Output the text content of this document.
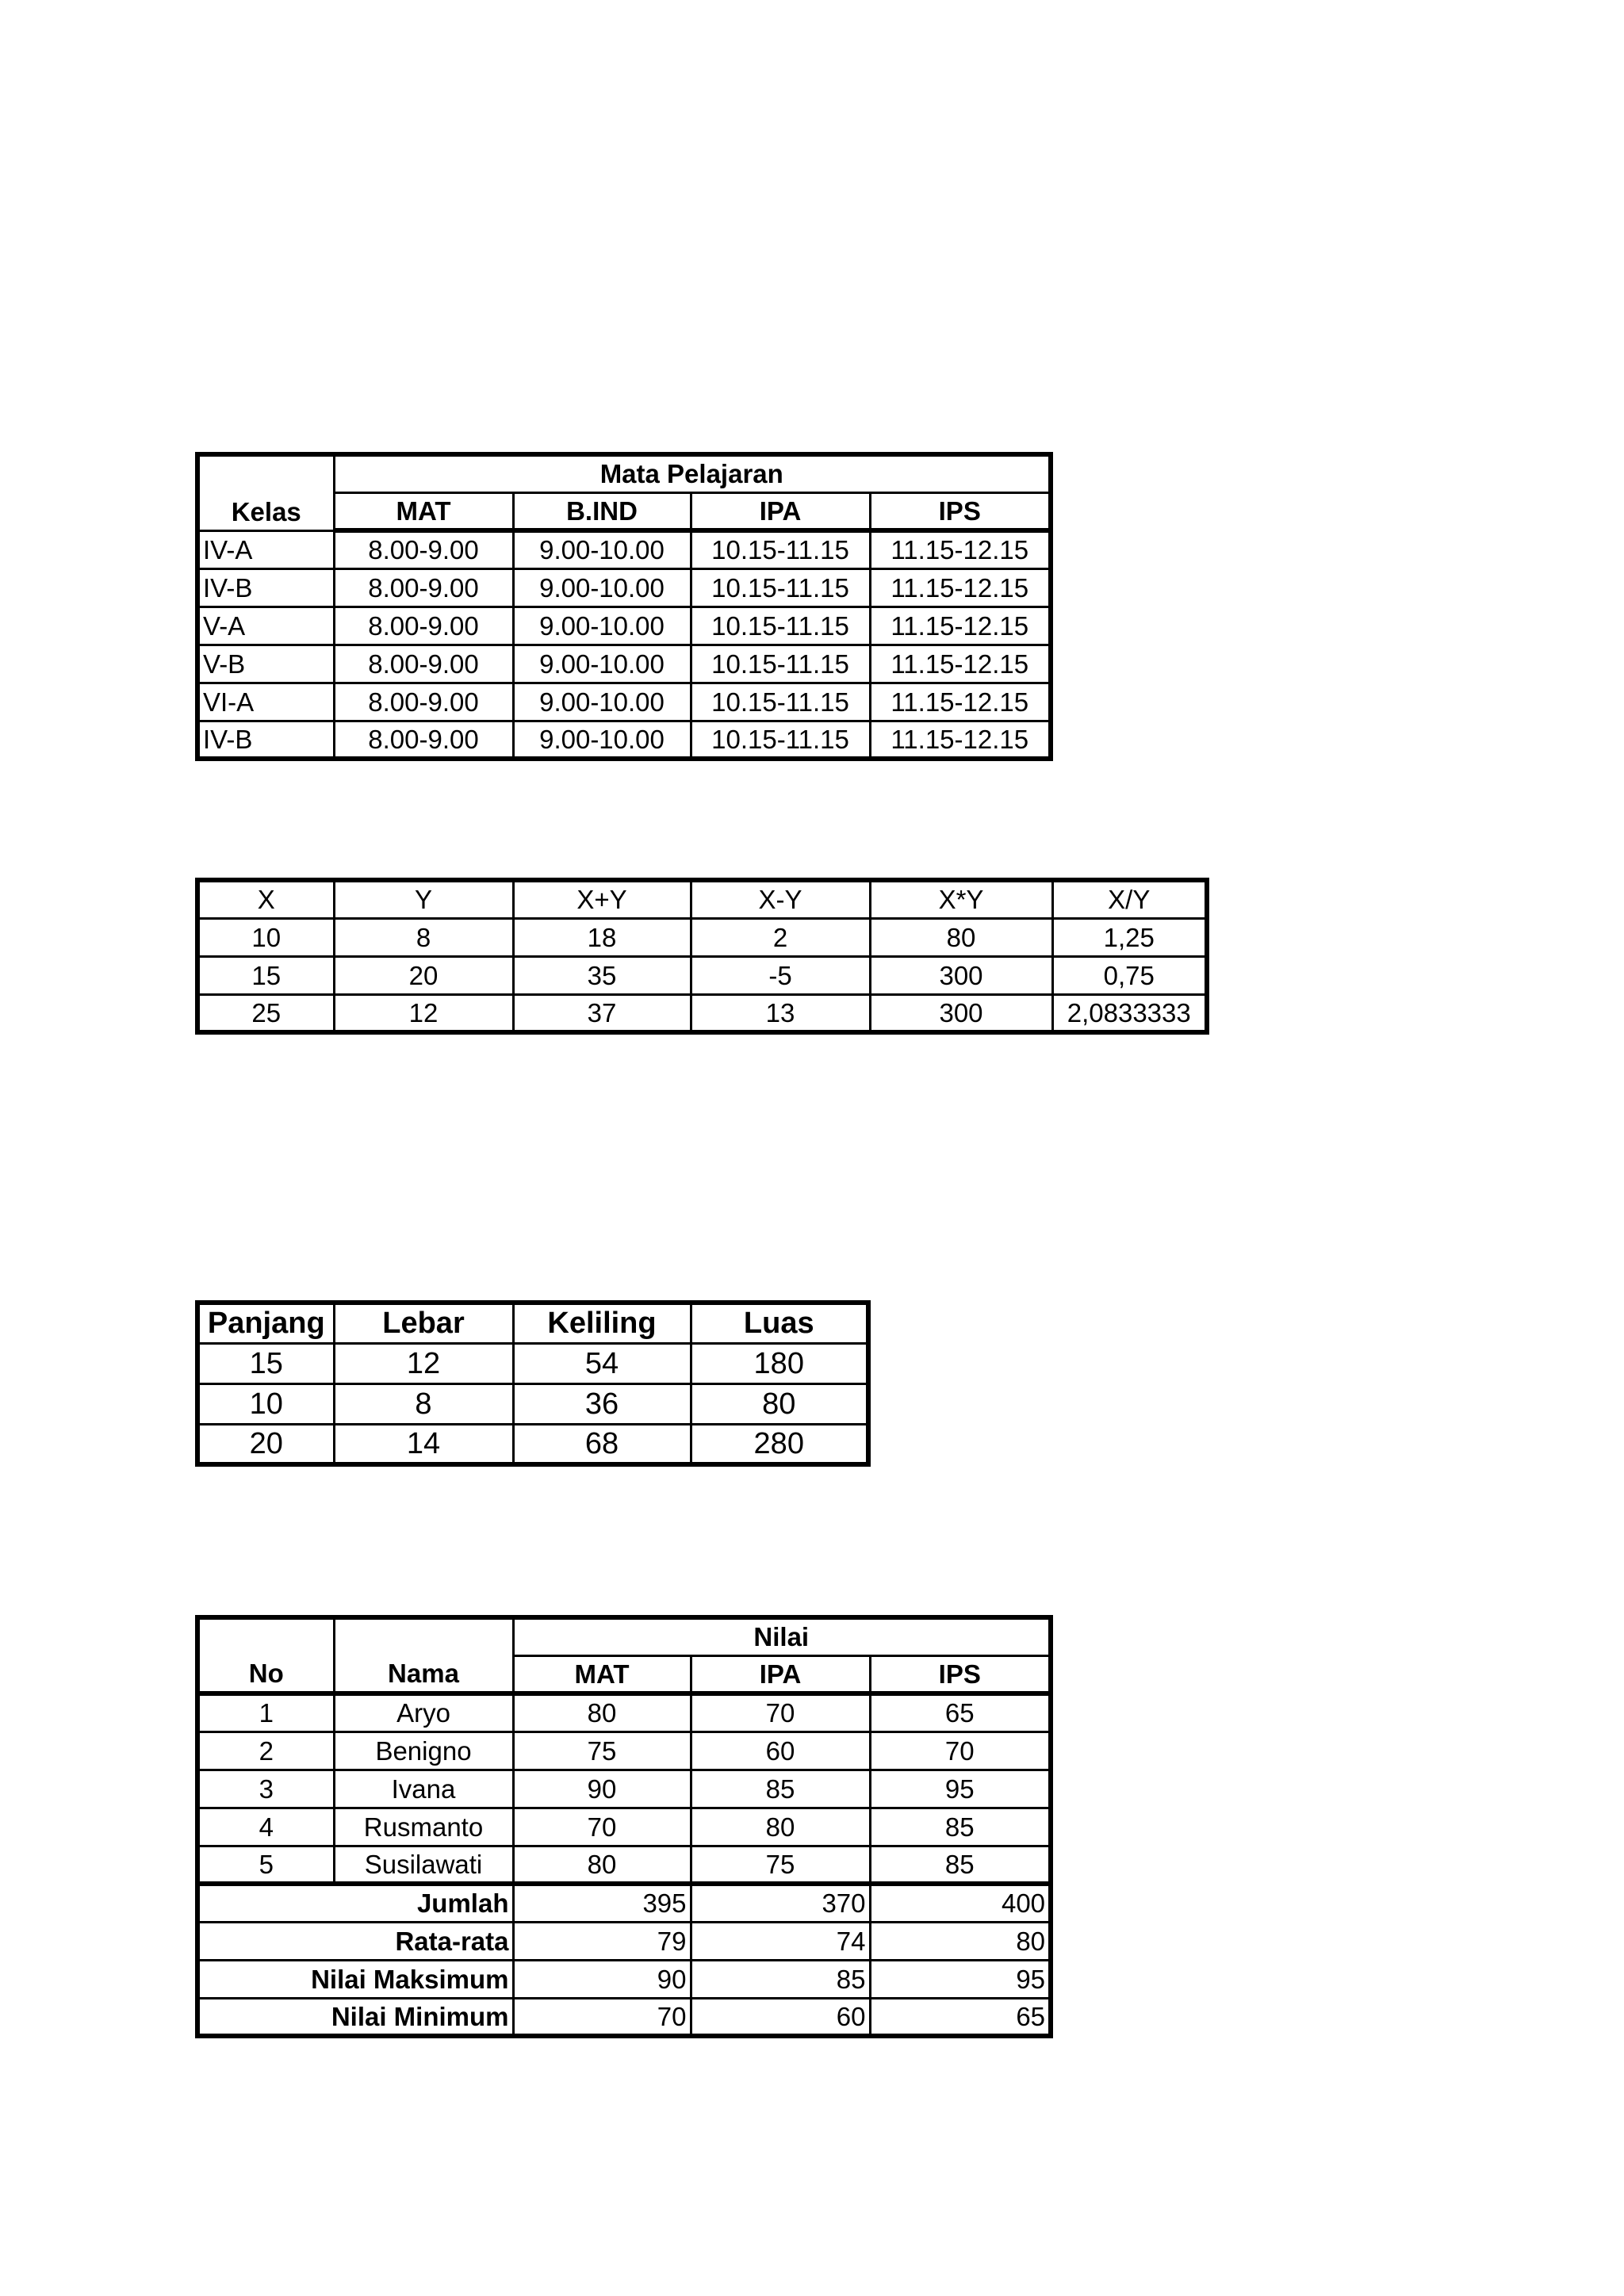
Kelas	Mata Pelajaran			
	MAT	B.IND	IPA	IPS
IV-A	8.00-9.00	9.00-10.00	10.15-11.15	11.15-12.15
IV-B	8.00-9.00	9.00-10.00	10.15-11.15	11.15-12.15
V-A	8.00-9.00	9.00-10.00	10.15-11.15	11.15-12.15
V-B	8.00-9.00	9.00-10.00	10.15-11.15	11.15-12.15
VI-A	8.00-9.00	9.00-10.00	10.15-11.15	11.15-12.15
IV-B	8.00-9.00	9.00-10.00	10.15-11.15	11.15-12.15
X	Y	X+Y	X-Y	X*Y	X/Y
10	8	18	2	80	1,25
15	20	35	-5	300	0,75
25	12	37	13	300	2,0833333
Panjang	Lebar	Keliling	Luas
15	12	54	180
10	8	36	80
20	14	68	280
No	Nama	Nilai		
		MAT	IPA	IPS
1	Aryo	80	70	65
2	Benigno	75	60	70
3	Ivana	90	85	95
4	Rusmanto	70	80	85
5	Susilawati	80	75	85
Jumlah		395	370	400
Rata-rata		79	74	80
Nilai Maksimum		90	85	95
Nilai Minimum		70	60	65
